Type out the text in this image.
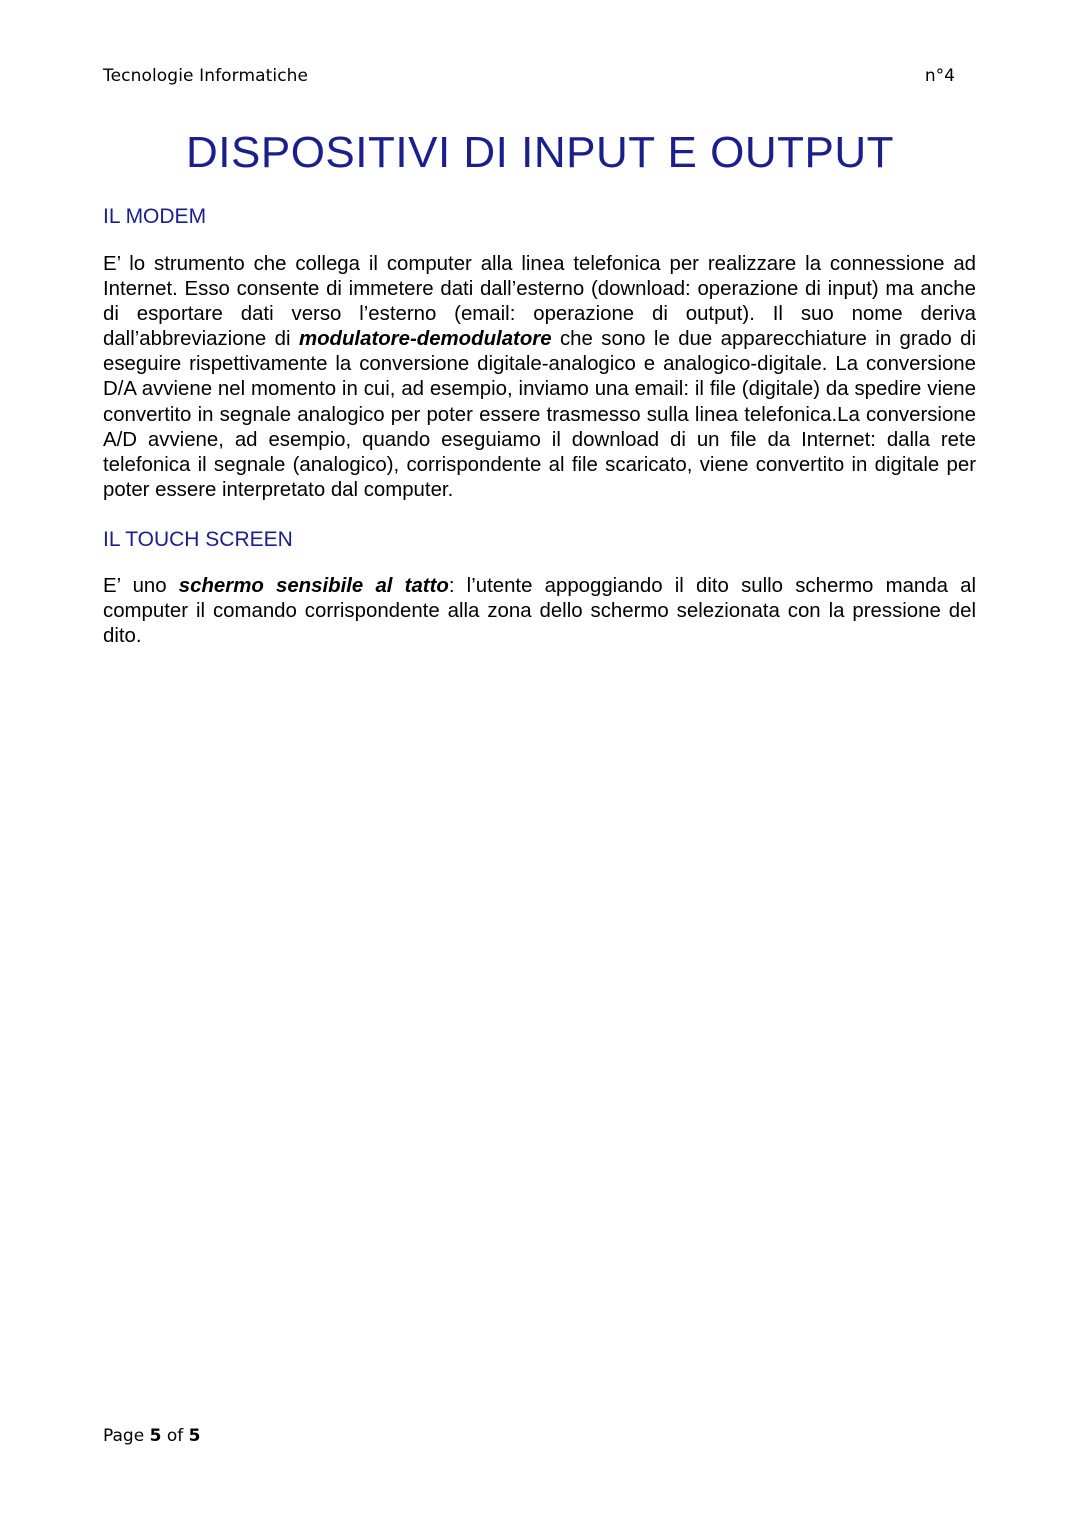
Tecnologie Informatiche	n°4
DISPOSITIVI DI INPUT E OUTPUT
IL MODEM

E’ lo strumento che collega il computer alla linea telefonica per realizzare la connessione ad Internet. Esso consente di immetere dati dall’esterno (download: operazione di input) ma anche di esportare dati verso l’esterno (email: operazione di output). Il suo nome deriva dall’abbreviazione di modulatore-demodulatore che sono le due apparecchiature in grado di eseguire rispettivamente la conversione digitale-analogico e analogico-digitale. La conversione D/A avviene nel momento in cui, ad esempio, inviamo una email: il file (digitale) da spedire viene convertito in segnale analogico per poter essere trasmesso sulla linea telefonica.La conversione A/D avviene, ad esempio, quando eseguiamo il download di un file da Internet: dalla rete telefonica il segnale (analogico), corrispondente al file scaricato, viene convertito in digitale per poter essere interpretato dal computer.

IL TOUCH SCREEN

E’ uno schermo sensibile al tatto: l’utente appoggiando il dito sullo schermo manda al computer il comando corrispondente alla zona dello schermo selezionata con la pressione del dito.

Page 5 of 5
